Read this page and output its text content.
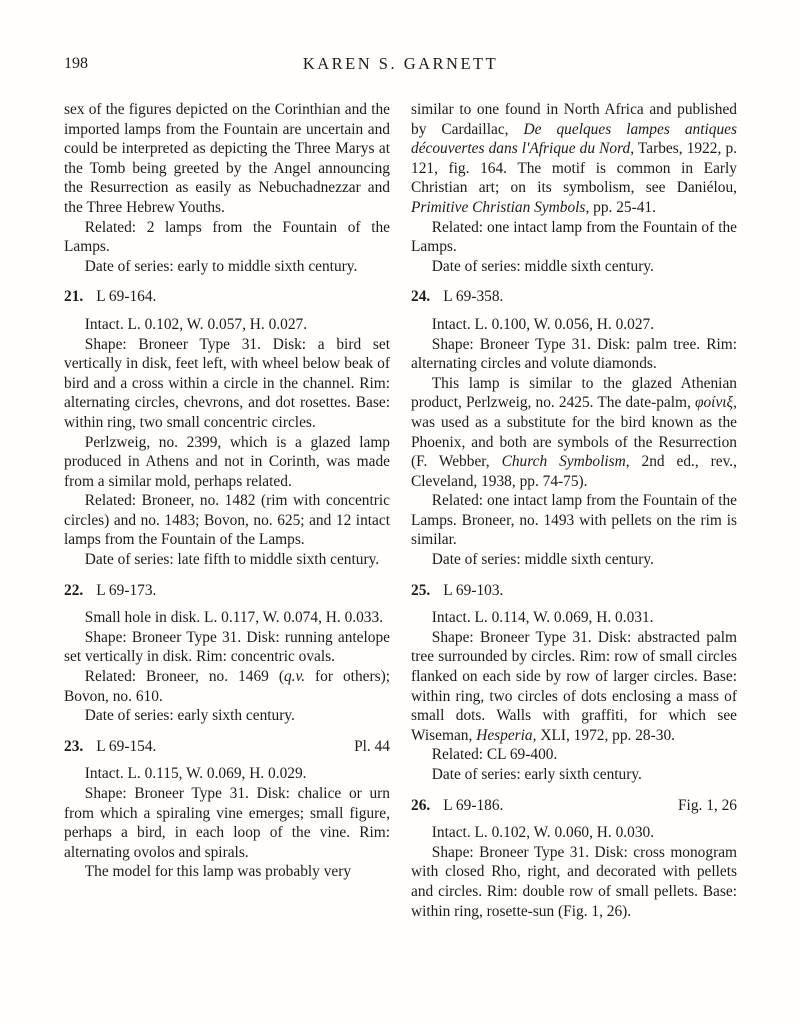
198	KAREN S. GARNETT

sex of the figures depicted on the Corinthian and the imported lamps from the Fountain are uncertain and could be interpreted as depicting the Three Marys at the Tomb being greeted by the Angel announcing the Resurrection as easily as Nebuchadnezzar and the Three Hebrew Youths.

Related: 2 lamps from the Fountain of the Lamps.

Date of series: early to middle sixth century.

21. L 69-164.

Intact. L. 0.102, W. 0.057, H. 0.027.

Shape: Broneer Type 31. Disk: a bird set vertically in disk, feet left, with wheel below beak of bird and a cross within a circle in the channel. Rim: alternating circles, chevrons, and dot rosettes. Base: within ring, two small concentric circles.

Perlzweig, no. 2399, which is a glazed lamp produced in Athens and not in Corinth, was made from a similar mold, perhaps related.

Related: Broneer, no. 1482 (rim with concentric circles) and no. 1483; Bovon, no. 625; and 12 intact lamps from the Fountain of the Lamps.

Date of series: late fifth to middle sixth century.

22. L 69-173.

Small hole in disk. L. 0.117, W. 0.074, H. 0.033.

Shape: Broneer Type 31. Disk: running antelope set vertically in disk. Rim: concentric ovals.

Related: Broneer, no. 1469 (q.v. for others); Bovon, no. 610.

Date of series: early sixth century.

23. L 69-154.	Pl. 44

Intact. L. 0.115, W. 0.069, H. 0.029.

Shape: Broneer Type 31. Disk: chalice or urn from which a spiraling vine emerges; small figure, perhaps a bird, in each loop of the vine. Rim: alternating ovolos and spirals.

The model for this lamp was probably very

similar to one found in North Africa and published by Cardaillac, De quelques lampes antiques découvertes dans l'Afrique du Nord, Tarbes, 1922, p. 121, fig. 164. The motif is common in Early Christian art; on its symbolism, see Daniélou, Primitive Christian Symbols, pp. 25-41.

Related: one intact lamp from the Fountain of the Lamps.

Date of series: middle sixth century.

24. L 69-358.

Intact. L. 0.100, W. 0.056, H. 0.027.

Shape: Broneer Type 31. Disk: palm tree. Rim: alternating circles and volute diamonds.

This lamp is similar to the glazed Athenian product, Perlzweig, no. 2425. The date-palm, φοίνιξ, was used as a substitute for the bird known as the Phoenix, and both are symbols of the Resurrection (F. Webber, Church Symbolism, 2nd ed., rev., Cleveland, 1938, pp. 74-75).

Related: one intact lamp from the Fountain of the Lamps. Broneer, no. 1493 with pellets on the rim is similar.

Date of series: middle sixth century.

25. L 69-103.

Intact. L. 0.114, W. 0.069, H. 0.031.

Shape: Broneer Type 31. Disk: abstracted palm tree surrounded by circles. Rim: row of small circles flanked on each side by row of larger circles. Base: within ring, two circles of dots enclosing a mass of small dots. Walls with graffiti, for which see Wiseman, Hesperia, XLI, 1972, pp. 28-30.

Related: CL 69-400.

Date of series: early sixth century.

26. L 69-186.	Fig. 1, 26

Intact. L. 0.102, W. 0.060, H. 0.030.

Shape: Broneer Type 31. Disk: cross monogram with closed Rho, right, and decorated with pellets and circles. Rim: double row of small pellets. Base: within ring, rosette-sun (Fig. 1, 26).
